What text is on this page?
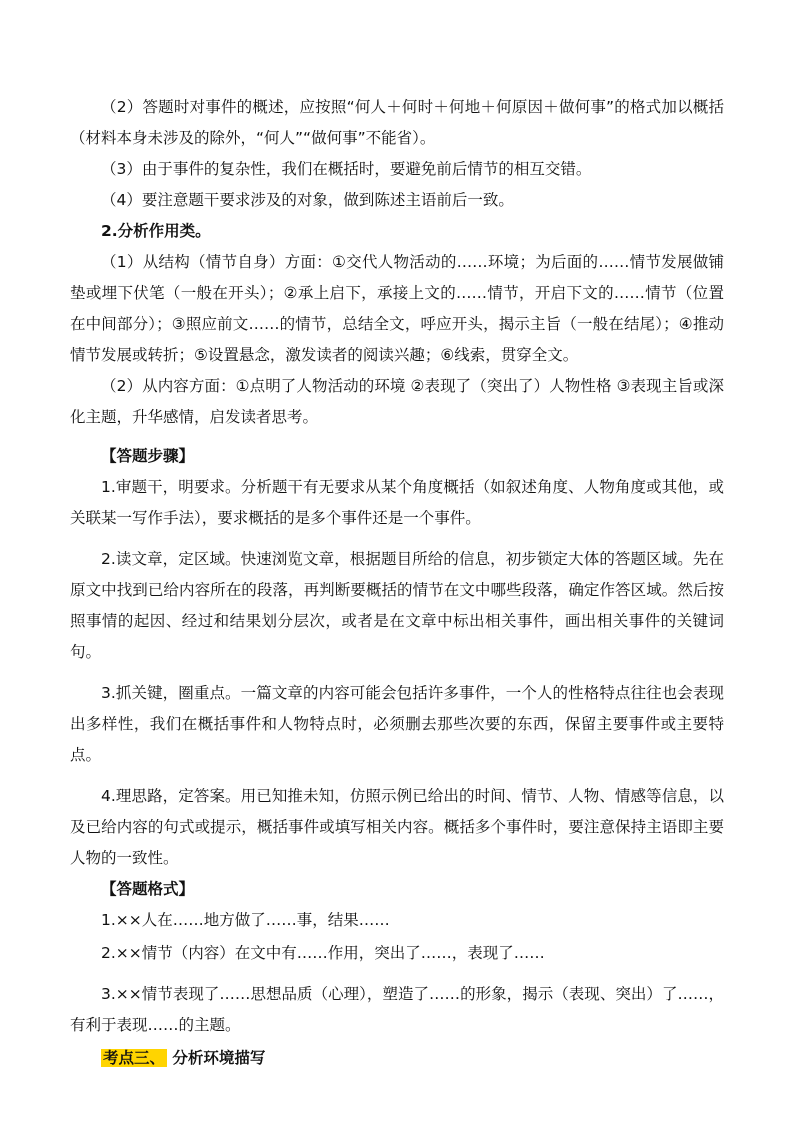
（2）答题时对事件的概述，应按照“何人＋何时＋何地＋何原因＋做何事”的格式加以概括（材料本身未涉及的除外，“何人”“做何事”不能省）。

（3）由于事件的复杂性，我们在概括时，要避免前后情节的相互交错。

（4）要注意题干要求涉及的对象，做到陈述主语前后一致。

2.分析作用类。

（1）从结构（情节自身）方面：①交代人物活动的……环境；为后面的……情节发展做铺垫或埋下伏笔（一般在开头）；②承上启下，承接上文的……情节，开启下文的……情节（位置在中间部分）；③照应前文……的情节，总结全文，呼应开头，揭示主旨（一般在结尾）；④推动情节发展或转折；⑤设置悬念，激发读者的阅读兴趣；⑥线索，贯穿全文。

（2）从内容方面：①点明了人物活动的环境 ②表现了（突出了）人物性格 ③表现主旨或深化主题，升华感情，启发读者思考。

【答题步骤】

1.审题干，明要求。分析题干有无要求从某个角度概括（如叙述角度、人物角度或其他，或关联某一写作手法），要求概括的是多个事件还是一个事件。

2.读文章，定区域。快速浏览文章，根据题目所给的信息，初步锁定大体的答题区域。先在原文中找到已给内容所在的段落，再判断要概括的情节在文中哪些段落，确定作答区域。然后按照事情的起因、经过和结果划分层次，或者是在文章中标出相关事件，画出相关事件的关键词句。

3.抓关键，圈重点。一篇文章的内容可能会包括许多事件，一个人的性格特点往往也会表现出多样性，我们在概括事件和人物特点时，必须删去那些次要的东西，保留主要事件或主要特点。

4.理思路，定答案。用已知推未知，仿照示例已给出的时间、情节、人物、情感等信息，以及已给内容的句式或提示，概括事件或填写相关内容。概括多个事件时，要注意保持主语即主要人物的一致性。

【答题格式】

1.××人在……地方做了……事，结果……

2.××情节（内容）在文中有……作用，突出了……，表现了……

3.××情节表现了……思想品质（心理），塑造了……的形象，揭示（表现、突出）了……，有利于表现……的主题。

考点三、 分析环境描写
